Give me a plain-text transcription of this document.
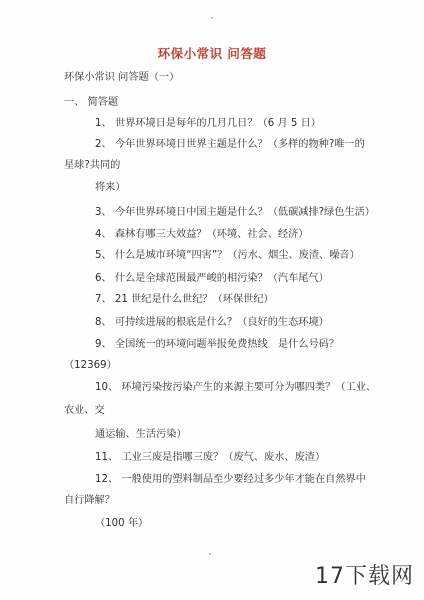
环保小常识 问答题
环保小常识 问答题（一）
一、 简答题
1、 世界环境日是每年的几月几日？（6 月 5 日）
2、 今年世界环境日世界主题是什么？（多样的物种?唯一的
星球?共同的
将来）
3、 今年世界环境日中国主题是什么？（低碳减排?绿色生活）
4、 森林有哪三大效益？（环境、社会、经济）
5、 什么是城市环境“四害”？（污水、烟尘、废渣、噪音）
6、 什么是全球范围最严峻的相污染？（汽车尾气）
7、 21 世纪是什么世纪？（环保世纪）
8、 可持续进展的根底是什么？（良好的生态环境）
9、 全国统一的环境问题举报免费热线　是什么号码？
（12369）
10、 环境污染按污染产生的来源主要可分为哪四类？（工业、
农业、交
通运输、生活污染）
11、 工业三废是指哪三废？（废气、废水、废渣）
12、 一般使用的塑料制品至少要经过多少年才能在自然界中
自行降解？
（100 年）
17下载网
